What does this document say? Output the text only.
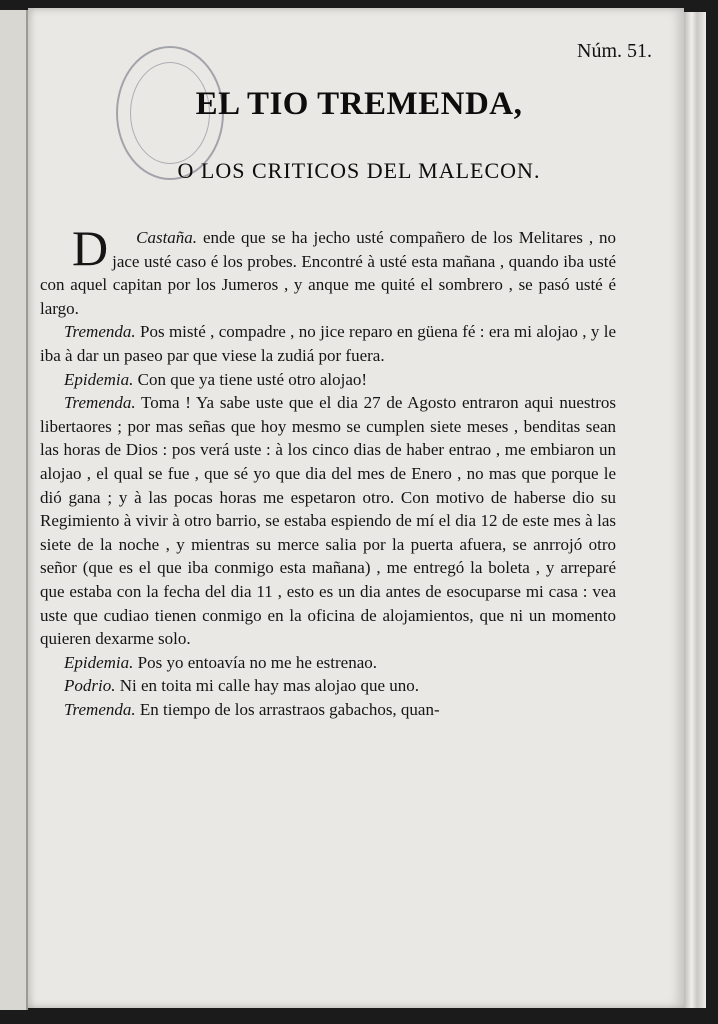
Núm. 51.
EL TIO TREMENDA,
O LOS CRITICOS DEL MALECON.

Castaña.
D	ende que se ha jecho usté compañero de los Melitares , no jace usté caso é los probes. Encontré à usté esta mañana , quando iba usté con aquel capitan por los Jumeros , y anque me quité el sombrero , se pasó usté é largo.

Tremenda. Pos misté , compadre , no jice reparo en güena fé : era mi alojao , y le iba à dar un paseo par que viese la zudiá por fuera.

Epidemia. Con que ya tiene usté otro alojao!

Tremenda. Toma ! Ya sabe uste que el dia 27 de Agosto entraron aqui nuestros libertaores ; por mas señas que hoy mesmo se cumplen siete meses , benditas sean las horas de Dios : pos verá uste : à los cinco dias de haber entrao , me embiaron un alojao , el qual se fue , que sé yo que dia del mes de Enero , no mas que porque le dió gana ; y à las pocas horas me espetaron otro. Con motivo de haberse dio su Regimiento à vivir à otro barrio, se estaba espiendo de mí el dia 12 de este mes à las siete de la noche , y mientras su merce salia por la puerta afuera, se anrrojó otro señor (que es el que iba conmigo esta mañana) , me entregó la boleta , y arreparé que estaba con la fecha del dia 11 , esto es un dia antes de esocuparse mi casa : vea uste que cudiao tienen conmigo en la oficina de alojamientos, que ni un momento quieren dexarme solo.

Epidemia. Pos yo entoavía no me he estrenao.

Podrio. Ni en toita mi calle hay mas alojao que uno.

Tremenda. En tiempo de los arrastraos gabachos, quan-
